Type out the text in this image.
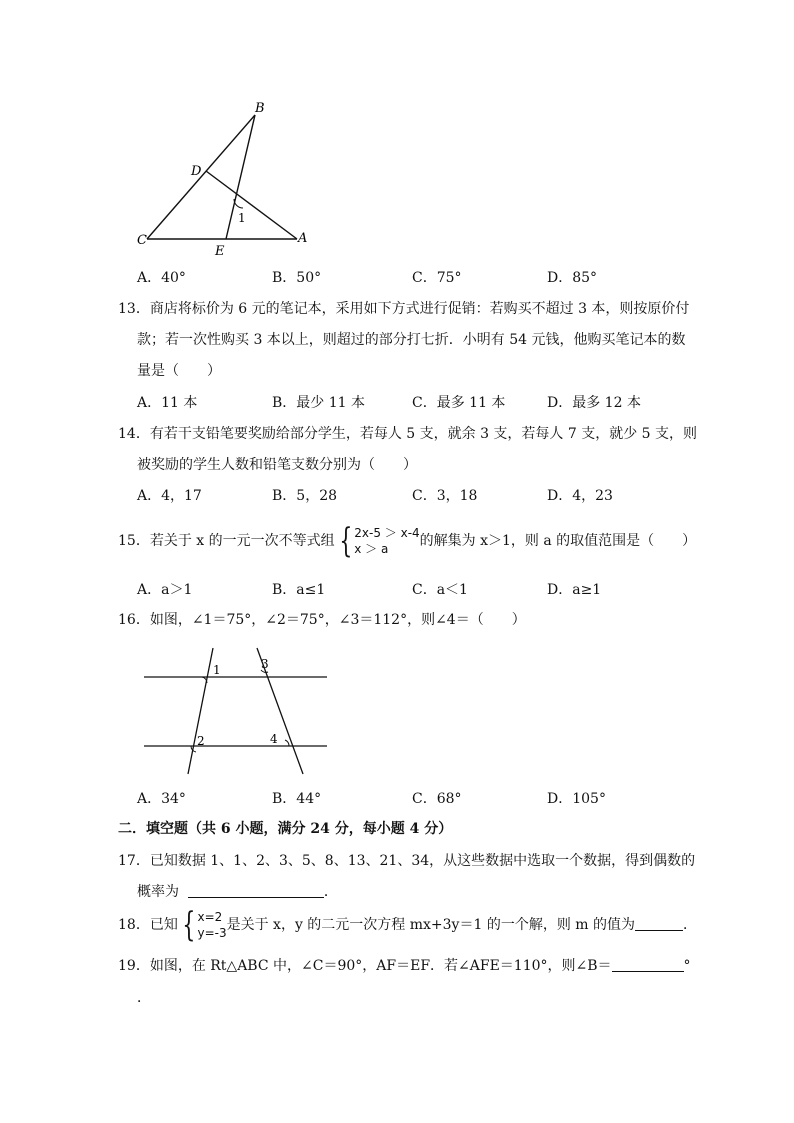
B
D
C
E
A
1
A．40°	B．50°	C．75°	D．85°
13．商店将标价为 6 元的笔记本，采用如下方式进行促销：若购买不超过 3 本，则按原价付
款；若一次性购买 3 本以上，则超过的部分打七折．小明有 54 元钱，他购买笔记本的数
量是（　　）
A．11 本	B．最少 11 本	C．最多 11 本	D．最多 12 本
14．有若干支铅笔要奖励给部分学生，若每人 5 支，就余 3 支，若每人 7 支，就少 5 支，则
被奖励的学生人数和铅笔支数分别为（　　）
A．4，17	B．5，28	C．3，18	D．4，23
15．若关于 x 的一元一次不等式组 { 2x-5 ＞ x-4
x ＞ a	的解集为 x＞1，则 a 的取值范围是（　　）
A．a＞1	B．a≤1	C．a＜1	D．a≥1
16．如图，∠1＝75°，∠2＝75°，∠3＝112°，则∠4＝（　　）
1
2
3
4
A．34°	B．44°	C．68°	D．105°
二．填空题（共 6 小题，满分 24 分，每小题 4 分）
17．已知数据 1、1、2、3、5、8、13、21、34，从这些数据中选取一个数据，得到偶数的
概率为	．
18．已知 { x=2
y=-3 是关于 x，y 的二元一次方程 mx+3y＝1 的一个解，则 m 的值为	．
19．如图，在 Rt△ABC 中，∠C＝90°，AF＝EF．若∠AFE＝110°，则∠B＝	°
．
